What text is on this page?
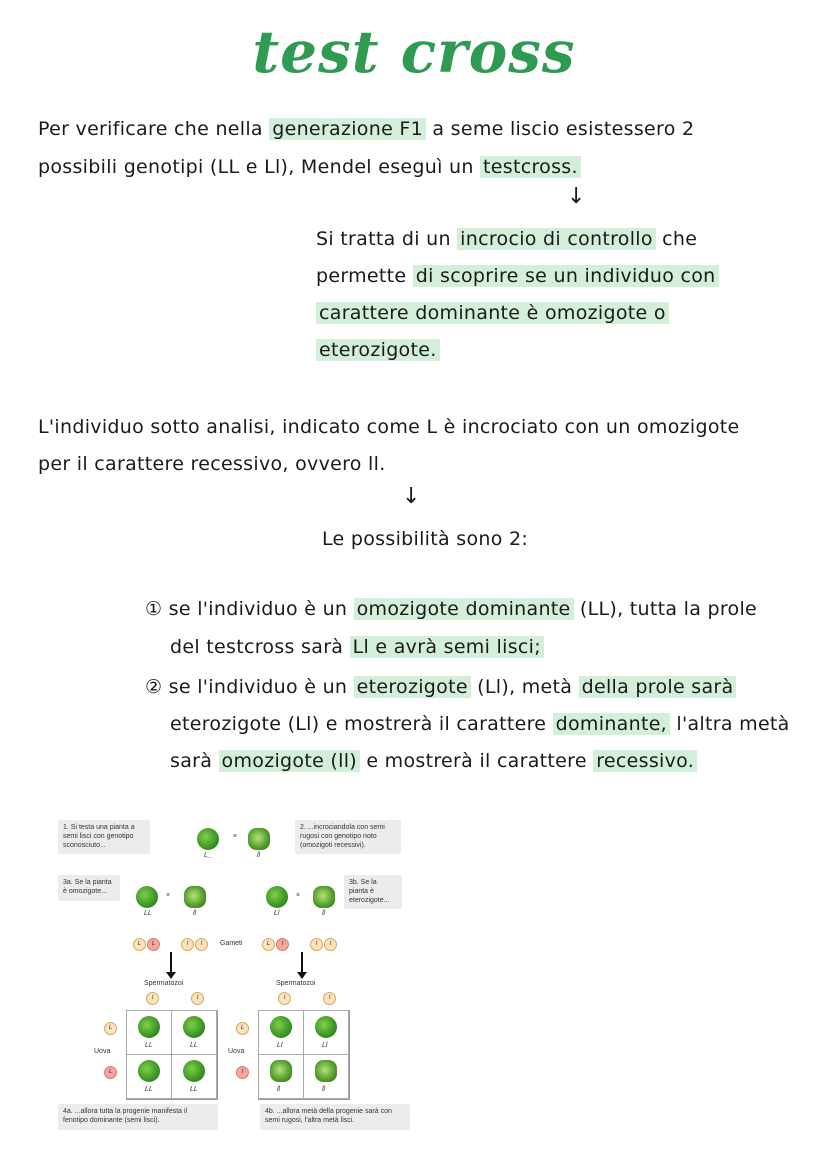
test cross
Per verificare che nella generazione F1 a seme liscio esistessero 2
possibili genotipi (LL e Ll), Mendel eseguì un testcross.
Si tratta di un incrocio di controllo che
permette di scoprire se un individuo con
carattere dominante è omozigote o
eterozigote.
L'individuo sotto analisi, indicato come L è incrociato con un omozigote
per il carattere recessivo, ovvero ll.
Le possibilità sono 2:
① se l'individuo è un omozigote dominante (LL), tutta la prole
del testcross sarà Ll e avrà semi lisci;
② se l'individuo è un eterozigote (Ll), metà della prole sarà
eterozigote (Ll) e mostrerà il carattere dominante, l'altra metà
sarà omozigote (ll) e mostrerà il carattere recessivo.
↓
↓
1. Si testa una pianta a semi lisci con genotipo sconosciuto...
L_
×
ll
2. ...incrociandola con semi rugosi con genotipo noto (omozigoti recessivi).
3a. Se la pianta è omozigote...
LL
×
ll	Ll
×
ll
3b. Se la pianta è eterozigote...
L	L	l	l	Gameti	L	l	l	l
Spermatozoi
l	l
L
L
Uova
LL	LL
LL	LL
Spermatozoi
l	l
L
l
Uova
Ll	Ll
ll	ll
4a. ...allora tutta la progenie manifesta il fenotipo dominante (semi lisci).
4b. ...allora metà della progenie sarà con semi rugosi, l'altra metà lisci.
